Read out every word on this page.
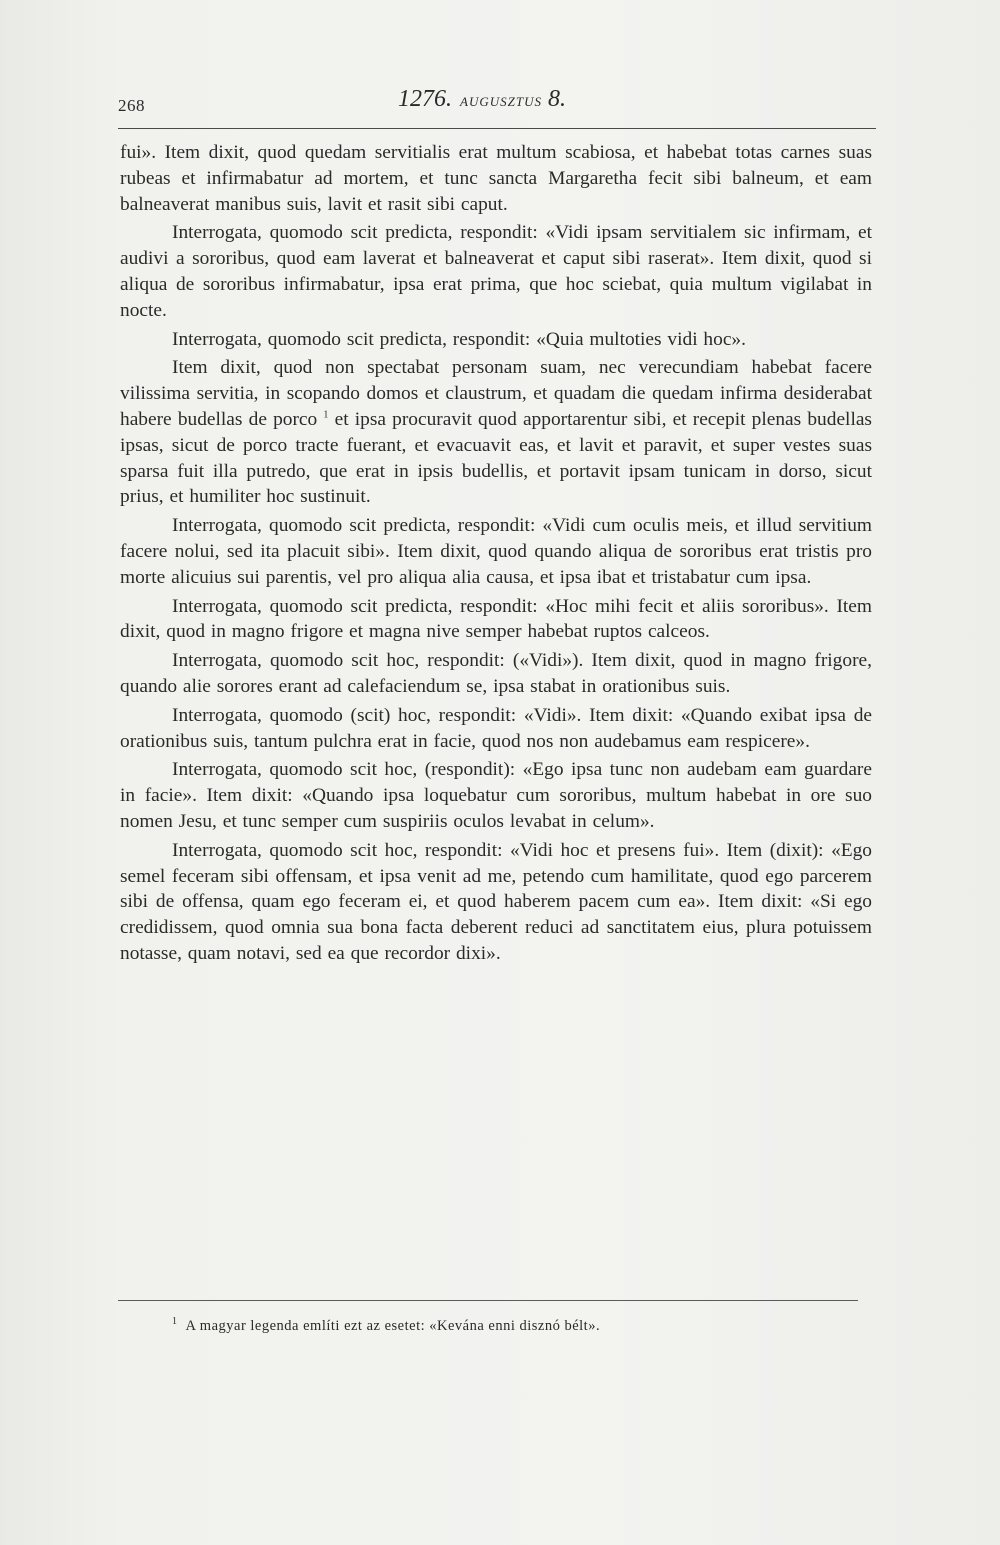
268	1276. augusztus 8.

fui». Item dixit, quod quedam servitialis erat multum scabiosa, et habebat totas carnes suas rubeas et infirmabatur ad mortem, et tunc sancta Margaretha fecit sibi balneum, et eam balneaverat manibus suis, lavit et rasit sibi caput.

Interrogata, quomodo scit predicta, respondit: «Vidi ipsam servitialem sic infirmam, et audivi a sororibus, quod eam laverat et balneaverat et caput sibi raserat». Item dixit, quod si aliqua de sororibus infirmabatur, ipsa erat prima, que hoc sciebat, quia multum vigilabat in nocte.

Interrogata, quomodo scit predicta, respondit: «Quia multoties vidi hoc».

Item dixit, quod non spectabat personam suam, nec verecundiam habebat facere vilissima servitia, in scopando domos et claustrum, et quadam die quedam infirma desiderabat habere budellas de porco $^1$ et ipsa procuravit quod apportarentur sibi, et recepit plenas budellas ipsas, sicut de porco tracte fuerant, et evacuavit eas, et lavit et paravit, et super vestes suas sparsa fuit illa putredo, que erat in ipsis budellis, et portavit ipsam tunicam in dorso, sicut prius, et humiliter hoc sustinuit.

Interrogata, quomodo scit predicta, respondit: «Vidi cum oculis meis, et illud servitium facere nolui, sed ita placuit sibi». Item dixit, quod quando aliqua de sororibus erat tristis pro morte alicuius sui parentis, vel pro aliqua alia causa, et ipsa ibat et tristabatur cum ipsa.

Interrogata, quomodo scit predicta, respondit: «Hoc mihi fecit et aliis sororibus». Item dixit, quod in magno frigore et magna nive semper habebat ruptos calceos.

Interrogata, quomodo scit hoc, respondit: («Vidi»). Item dixit, quod in magno frigore, quando alie sorores erant ad calefaciendum se, ipsa stabat in orationibus suis.

Interrogata, quomodo (scit) hoc, respondit: «Vidi». Item dixit: «Quando exibat ipsa de orationibus suis, tantum pulchra erat in facie, quod nos non audebamus eam respicere».

Interrogata, quomodo scit hoc, (respondit): «Ego ipsa tunc non audebam eam guardare in facie». Item dixit: «Quando ipsa loquebatur cum sororibus, multum habebat in ore suo nomen Jesu, et tunc semper cum suspiriis oculos levabat in celum».

Interrogata, quomodo scit hoc, respondit: «Vidi hoc et presens fui». Item (dixit): «Ego semel feceram sibi offensam, et ipsa venit ad me, petendo cum hamilitate, quod ego parcerem sibi de offensa, quam ego feceram ei, et quod haberem pacem cum ea». Item dixit: «Si ego credidissem, quod omnia sua bona facta deberent reduci ad sanctitatem eius, plura potuissem notasse, quam notavi, sed ea que recordor dixi».

$^1$ A magyar legenda említi ezt az esetet: «Kevána enni disznó bélt».
